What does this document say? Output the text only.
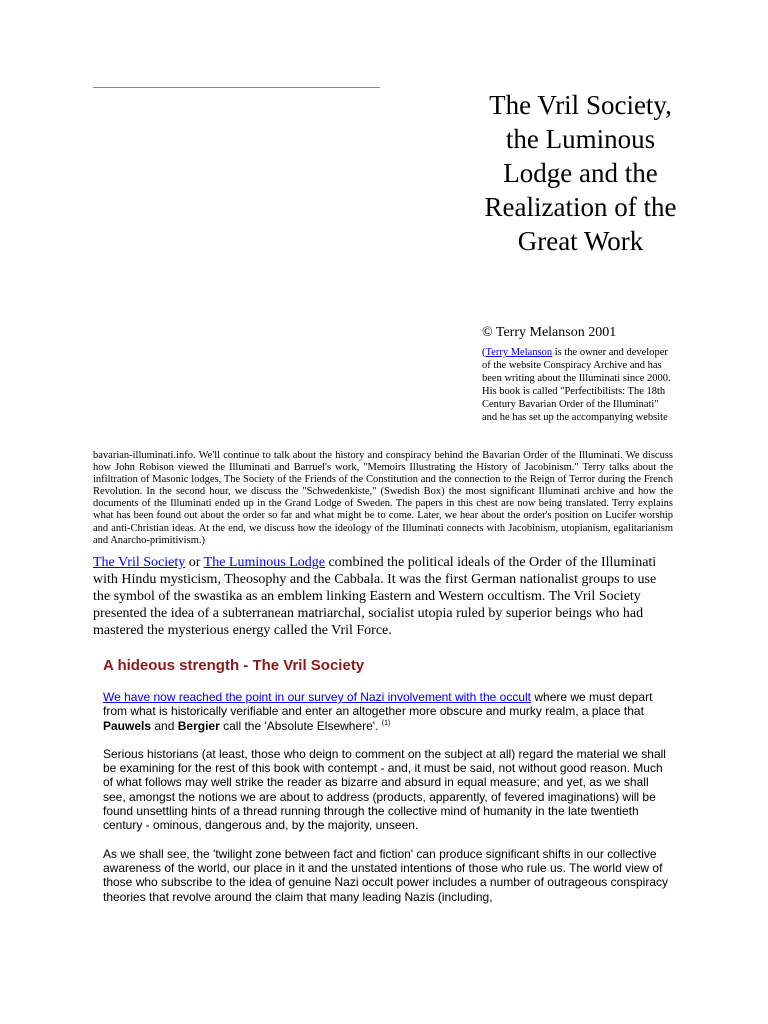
The Vril Society, the Luminous Lodge and the Realization of the Great Work
© Terry Melanson 2001
(Terry Melanson is the owner and developer of the website Conspiracy Archive and has been writing about the Illuminati since 2000. His book is called "Perfectibilists: The 18th Century Bavarian Order of the Illuminati" and he has set up the accompanying website
bavarian-illuminati.info. We'll continue to talk about the history and conspiracy behind the Bavarian Order of the Illuminati. We discuss how John Robison viewed the Illuminati and Barruel's work, "Memoirs Illustrating the History of Jacobinism." Terry talks about the infiltration of Masonic lodges, The Society of the Friends of the Constitution and the connection to the Reign of Terror during the French Revolution. In the second hour, we discuss the "Schwedenkiste," (Swedish Box) the most significant Illuminati archive and how the documents of the Illuminati ended up in the Grand Lodge of Sweden. The papers in this chest are now being translated. Terry explains what has been found out about the order so far and what might be to come. Later, we hear about the order's position on Lucifer worship and anti-Christian ideas. At the end, we discuss how the ideology of the Illuminati connects with Jacobinism, utopianism, egalitarianism and Anarcho-primitivism.)
The Vril Society or The Luminous Lodge combined the political ideals of the Order of the Illuminati with Hindu mysticism, Theosophy and the Cabbala. It was the first German nationalist groups to use the symbol of the swastika as an emblem linking Eastern and Western occultism. The Vril Society presented the idea of a subterranean matriarchal, socialist utopia ruled by superior beings who had mastered the mysterious energy called the Vril Force.
A hideous strength - The Vril Society

We have now reached the point in our survey of Nazi involvement with the occult where we must depart from what is historically verifiable and enter an altogether more obscure and murky realm, a place that Pauwels and Bergier call the 'Absolute Elsewhere'. $^{(1)}$

Serious historians (at least, those who deign to comment on the subject at all) regard the material we shall be examining for the rest of this book with contempt - and, it must be said, not without good reason. Much of what follows may well strike the reader as bizarre and absurd in equal measure; and yet, as we shall see, amongst the notions we are about to address (products, apparently, of fevered imaginations) will be found unsettling hints of a thread running through the collective mind of humanity in the late twentieth century - ominous, dangerous and, by the majority, unseen.

As we shall see, the 'twilight zone between fact and fiction' can produce significant shifts in our collective awareness of the world, our place in it and the unstated intentions of those who rule us. The world view of those who subscribe to the idea of genuine Nazi occult power includes a number of outrageous conspiracy theories that revolve around the claim that many leading Nazis (including,
